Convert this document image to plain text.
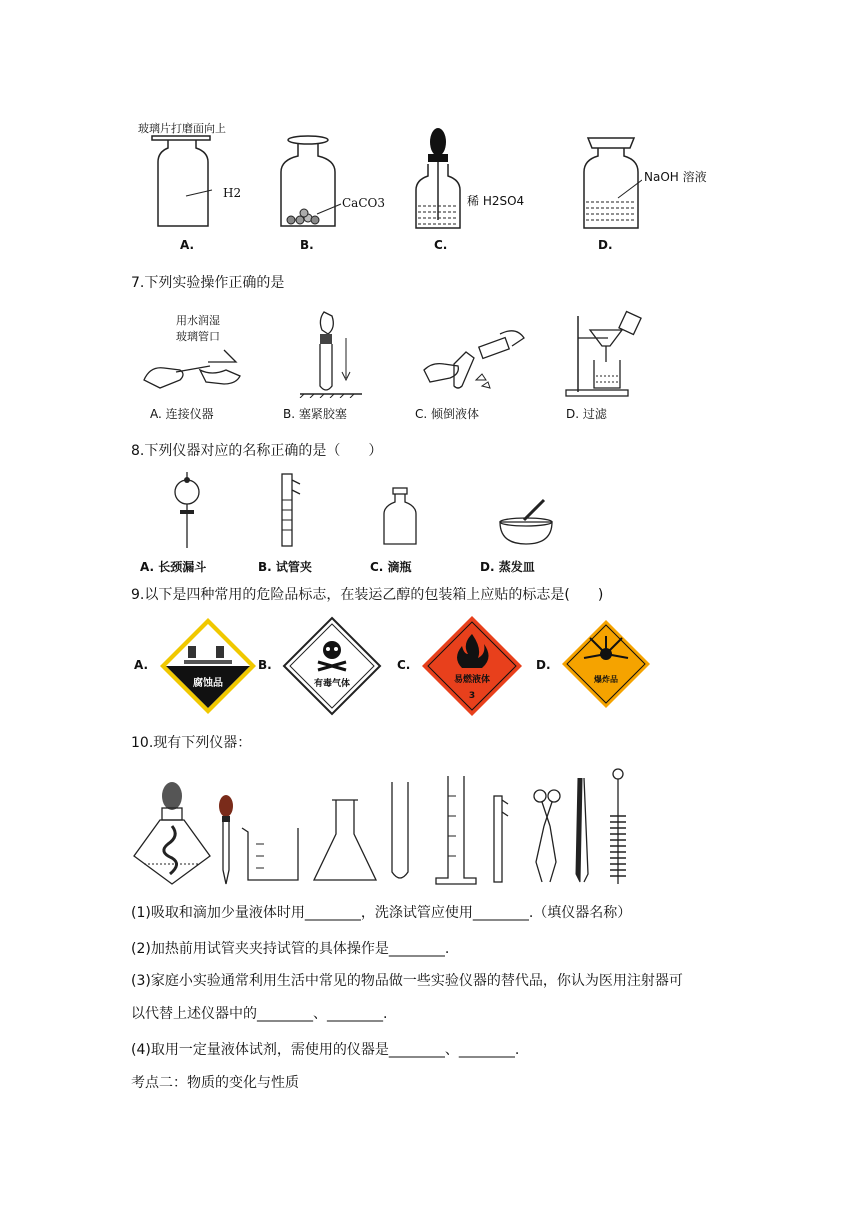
玻璃片打磨面向上
H2
A.
CaCO3
B.
稀 H2SO4
C.
NaOH 溶液
D.
7.下列实验操作正确的是
用水润湿
玻璃管口
A. 连接仪器	B. 塞紧胶塞	C. 倾倒液体	D. 过滤
8.下列仪器对应的名称正确的是（　　）
A. 长颈漏斗	B. 试管夹	C. 滴瓶	D. 蒸发皿
9.以下是四种常用的危险品标志，在装运乙醇的包装箱上应贴的标志是(　　)
A.
腐蚀品
B.
有毒气体
C.
易燃液体
3
D.
爆炸品
10.现有下列仪器：
(1)吸取和滴加少量液体时用________，洗涤试管应使用________.（填仪器名称）
(2)加热前用试管夹夹持试管的具体操作是________.
(3)家庭小实验通常利用生活中常见的物品做一些实验仪器的替代品，你认为医用注射器可
以代替上述仪器中的________、________.
(4)取用一定量液体试剂，需使用的仪器是________、________.
考点二：物质的变化与性质
